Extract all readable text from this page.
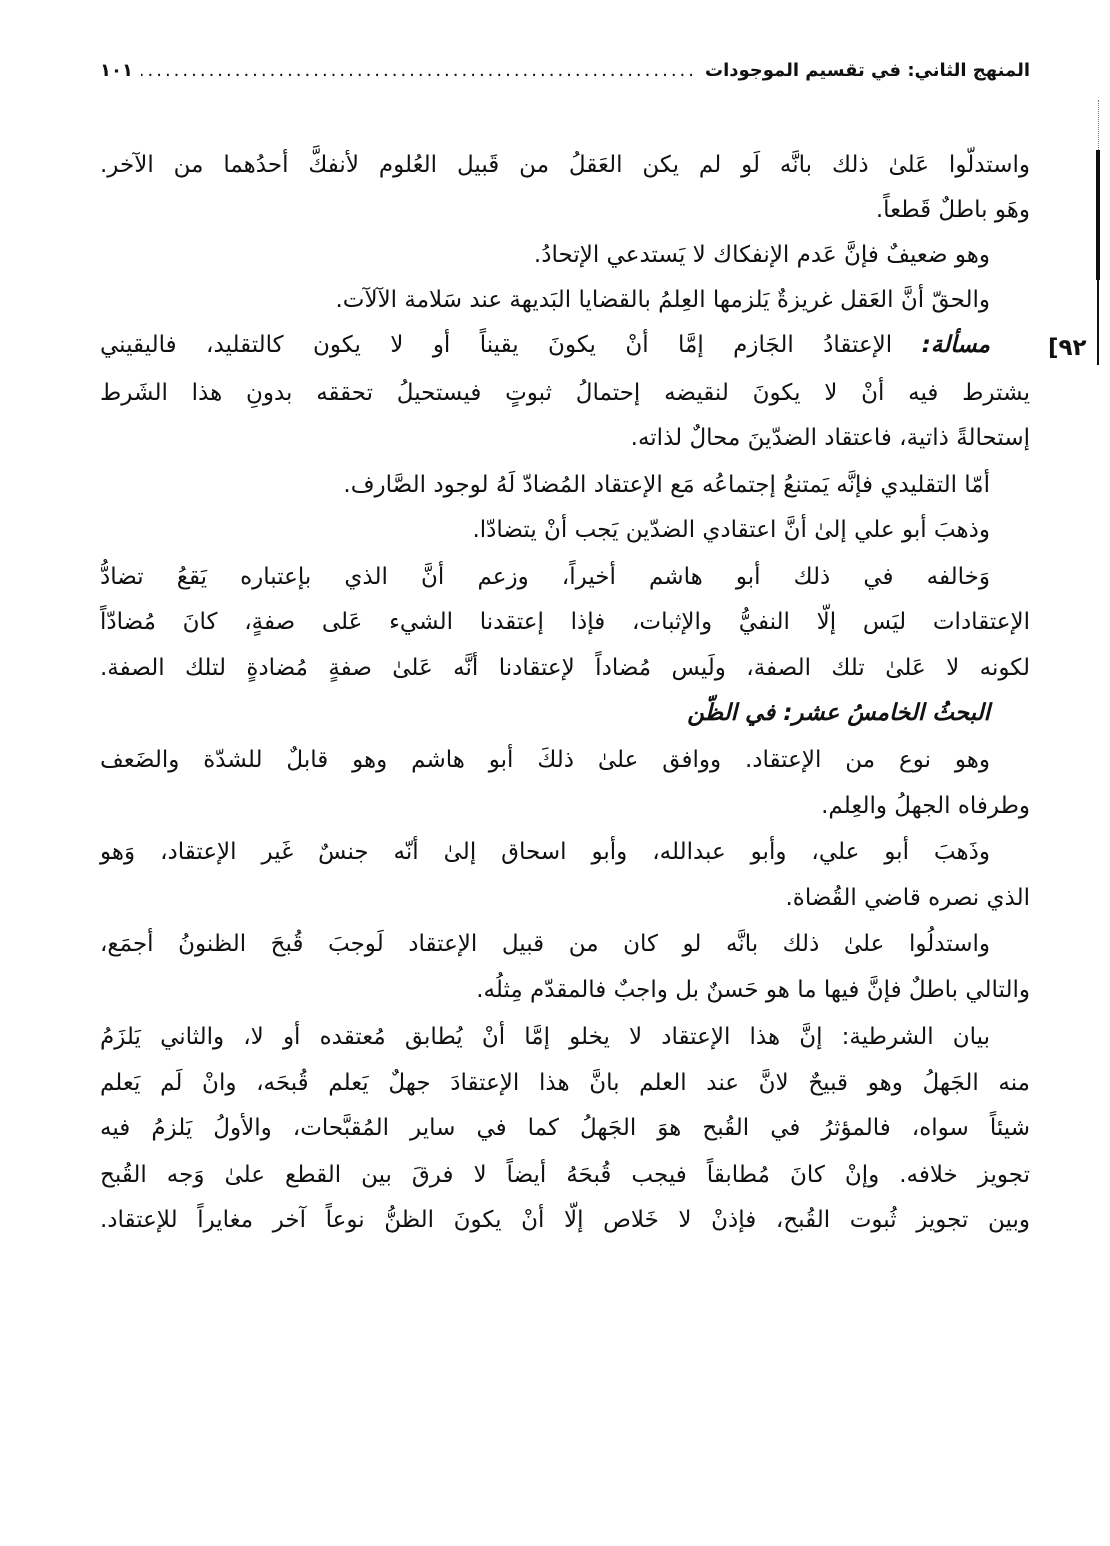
المنهج الثاني: في تقسيم الموجودات
.....
١٠١
[٩٢
واستدلّوا عَلىٰ ذلك بانَّه لَو لم يكن العَقلُ من قَبيل العُلوم لأنفكَّ أحدُهما من الآخر.
وهَو باطلٌ قَطعاً.
وهو ضعيفٌ فإنَّ عَدم الإنفكاك لا يَستدعي الإتحادُ.
والحقّ أنَّ العَقل غريزةٌ يَلزمها العِلمُ بالقضايا البَديهة عند سَلامة الآلآت.
مسألة: الإعتقادُ الجَازم إمَّا أنْ يكونَ يقيناً أو لا يكون كالتقليد، فاليقيني
يشترط فيه أنْ لا يكونَ لنقيضه إحتمالُ ثبوتٍ فيستحيلُ تحققه بدونِ هذا الشَرط
إستحالةً ذاتية، فاعتقاد الضدّينَ محالٌ لذاته.
أمّا التقليدي فإنَّه يَمتنعُ إجتماعُه مَع الإعتقاد المُضادّ لَهُ لوجود الصَّارف.
وذهبَ أبو علي إلىٰ أنَّ اعتقادي الضدّين يَجب أنْ يتضادّا.
وَخالفه في ذلك أبو هاشم أخيراً، وزعم أنَّ الذي بإعتباره يَقعُ تضادُّ
الإعتقادات ليَس إلّا النفيُّ والإثبات، فإذا إعتقدنا الشيء عَلى صفةٍ، كانَ مُضادّاً
لكونه لا عَلىٰ تلك الصفة، ولَيس مُضاداً لإعتقادنا أنَّه عَلىٰ صفةٍ مُضادةٍ لتلك الصفة.
البحثُ الخامسُ عشر: في الظّن
وهو نوع من الإعتقاد. ووافق علىٰ ذلكَ أبو هاشم وهو قابلٌ للشدّة والضَعف
وطرفاه الجهلُ والعِلم.
وذَهبَ أبو علي، وأبو عبدالله، وأبو اسحاق إلىٰ أنّه جنسٌ غَير الإعتقاد، وَهو
الذي نصره قاضي القُضاة.
واستدلُوا علىٰ ذلك بانَّه لو كان من قبيل الإعتقاد لَوجبَ قُبحَ الظنونُ أجمَع،
والتالي باطلٌ فإنَّ فيها ما هو حَسنٌ بل واجبٌ فالمقدّم مِثلُه.
بيان الشرطية: إنَّ هذا الإعتقاد لا يخلو إمَّا أنْ يُطابق مُعتقده أو لا، والثاني يَلزَمُ
منه الجَهلُ وهو قبيحٌ لانَّ عند العلم بانَّ هذا الإعتقادَ جهلٌ يَعلم قُبحَه، وانْ لَم يَعلم
شيئاً سواه، فالمؤثرُ في القُبح هوَ الجَهلُ كما في ساير المُقبَّحات، والأولُ يَلزمُ فيه
تجويز خلافه. وإنْ كانَ مُطابقاً فيجب قُبحَهُ أيضاً لا فرقَ بين القطع علىٰ وَجه القُبح
وبين تجويز ثُبوت القُبح، فإذنْ لا خَلاص إلّا أنْ يكونَ الظنُّ نوعاً آخر مغايراً للإعتقاد.
